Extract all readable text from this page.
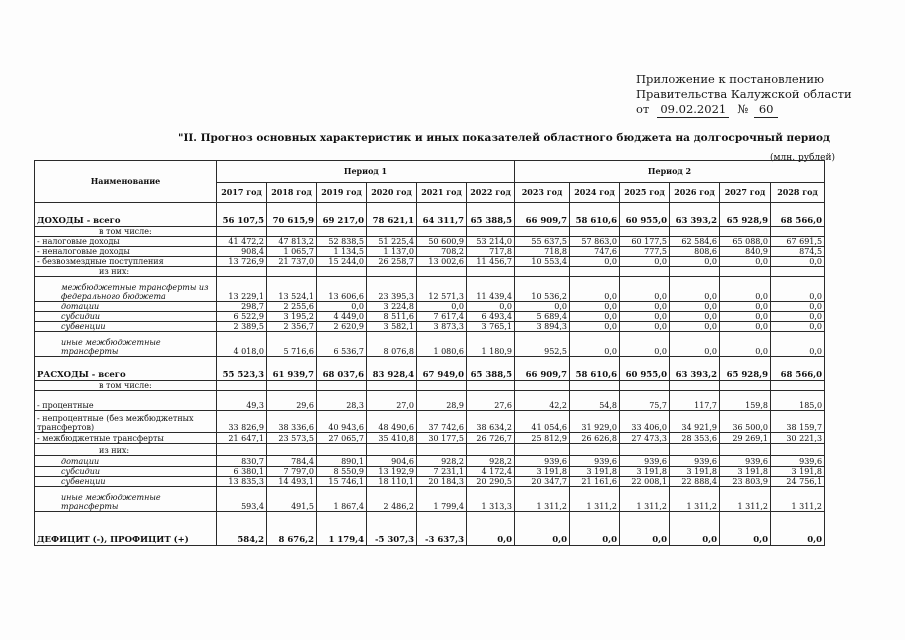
Приложение к постановлению
Правительства Калужской области
от 09.02.2021 № 60
"II. Прогноз основных характеристик и иных показателей областного бюджета на долгосрочный период
(млн. рублей)
Наименование	Период 1						Период 2					
	2017 год	2018 год	2019 год	2020 год	2021 год	2022 год	2023 год	2024 год	2025 год	2026 год	2027 год	2028 год
ДОХОДЫ - всего	56 107,5	70 615,9	69 217,0	78 621,1	64 311,7	65 388,5	66 909,7	58 610,6	60 955,0	63 393,2	65 928,9	68 566,0
в том числе:												
- налоговые доходы	41 472,2	47 813,2	52 838,5	51 225,4	50 600,9	53 214,0	55 637,5	57 863,0	60 177,5	62 584,6	65 088,0	67 691,5
- неналоговые доходы	908,4	1 065,7	1 134,5	1 137,0	708,2	717,8	718,8	747,6	777,5	808,6	840,9	874,5
- безвозмездные поступления	13 726,9	21 737,0	15 244,0	26 258,7	13 002,6	11 456,7	10 553,4	0,0	0,0	0,0	0,0	0,0
из них:												
межбюджетные трансферты из федерального бюджета	13 229,1	13 524,1	13 606,6	23 395,3	12 571,3	11 439,4	10 536,2	0,0	0,0	0,0	0,0	0,0
дотации	298,7	2 255,6	0,0	3 224,8	0,0	0,0	0,0	0,0	0,0	0,0	0,0	0,0
субсидии	6 522,9	3 195,2	4 449,0	8 511,6	7 617,4	6 493,4	5 689,4	0,0	0,0	0,0	0,0	0,0
субвенции	2 389,5	2 356,7	2 620,9	3 582,1	3 873,3	3 765,1	3 894,3	0,0	0,0	0,0	0,0	0,0
иные межбюджетные трансферты	4 018,0	5 716,6	6 536,7	8 076,8	1 080,6	1 180,9	952,5	0,0	0,0	0,0	0,0	0,0
РАСХОДЫ - всего	55 523,3	61 939,7	68 037,6	83 928,4	67 949,0	65 388,5	66 909,7	58 610,6	60 955,0	63 393,2	65 928,9	68 566,0
в том числе:												
- процентные	49,3	29,6	28,3	27,0	28,9	27,6	42,2	54,8	75,7	117,7	159,8	185,0
- непроцентные (без межбюджетных трансфертов)	33 826,9	38 336,6	40 943,6	48 490,6	37 742,6	38 634,2	41 054,6	31 929,0	33 406,0	34 921,9	36 500,0	38 159,7
- межбюджетные трансферты	21 647,1	23 573,5	27 065,7	35 410,8	30 177,5	26 726,7	25 812,9	26 626,8	27 473,3	28 353,6	29 269,1	30 221,3
из них:												
дотации	830,7	784,4	890,1	904,6	928,2	928,2	939,6	939,6	939,6	939,6	939,6	939,6
субсидии	6 380,1	7 797,0	8 550,9	13 192,9	7 231,1	4 172,4	3 191,8	3 191,8	3 191,8	3 191,8	3 191,8	3 191,8
субвенции	13 835,3	14 493,1	15 746,1	18 110,1	20 184,3	20 290,5	20 347,7	21 161,6	22 008,1	22 888,4	23 803,9	24 756,1
иные межбюджетные трансферты	593,4	491,5	1 867,4	2 486,2	1 799,4	1 313,3	1 311,2	1 311,2	1 311,2	1 311,2	1 311,2	1 311,2
ДЕФИЦИТ (-), ПРОФИЦИТ (+)	584,2	8 676,2	1 179,4	-5 307,3	-3 637,3	0,0	0,0	0,0	0,0	0,0	0,0	0,0
